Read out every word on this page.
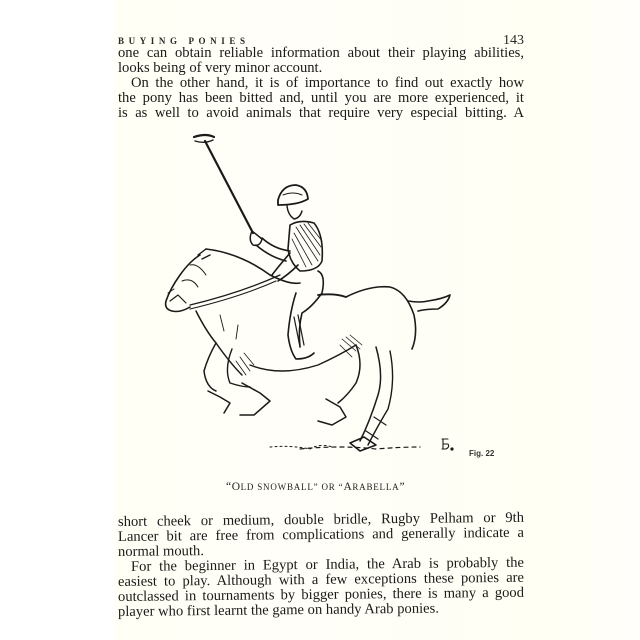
BUYING PONIES	143
one can obtain reliable information about their playing abilities,
looks being of very minor account.
On the other hand, it is of importance to find out exactly how
the pony has been bitted and, until you are more experienced, it
is as well to avoid animals that require very especial bitting. A
Fig. 22
“OLD SNOWBALL” OR “ARABELLA”
short cheek or medium, double bridle, Rugby Pelham or 9th
Lancer bit are free from complications and generally indicate a
normal mouth.
For the beginner in Egypt or India, the Arab is probably the
easiest to play. Although with a few exceptions these ponies are
outclassed in tournaments by bigger ponies, there is many a good
player who first learnt the game on handy Arab ponies.
